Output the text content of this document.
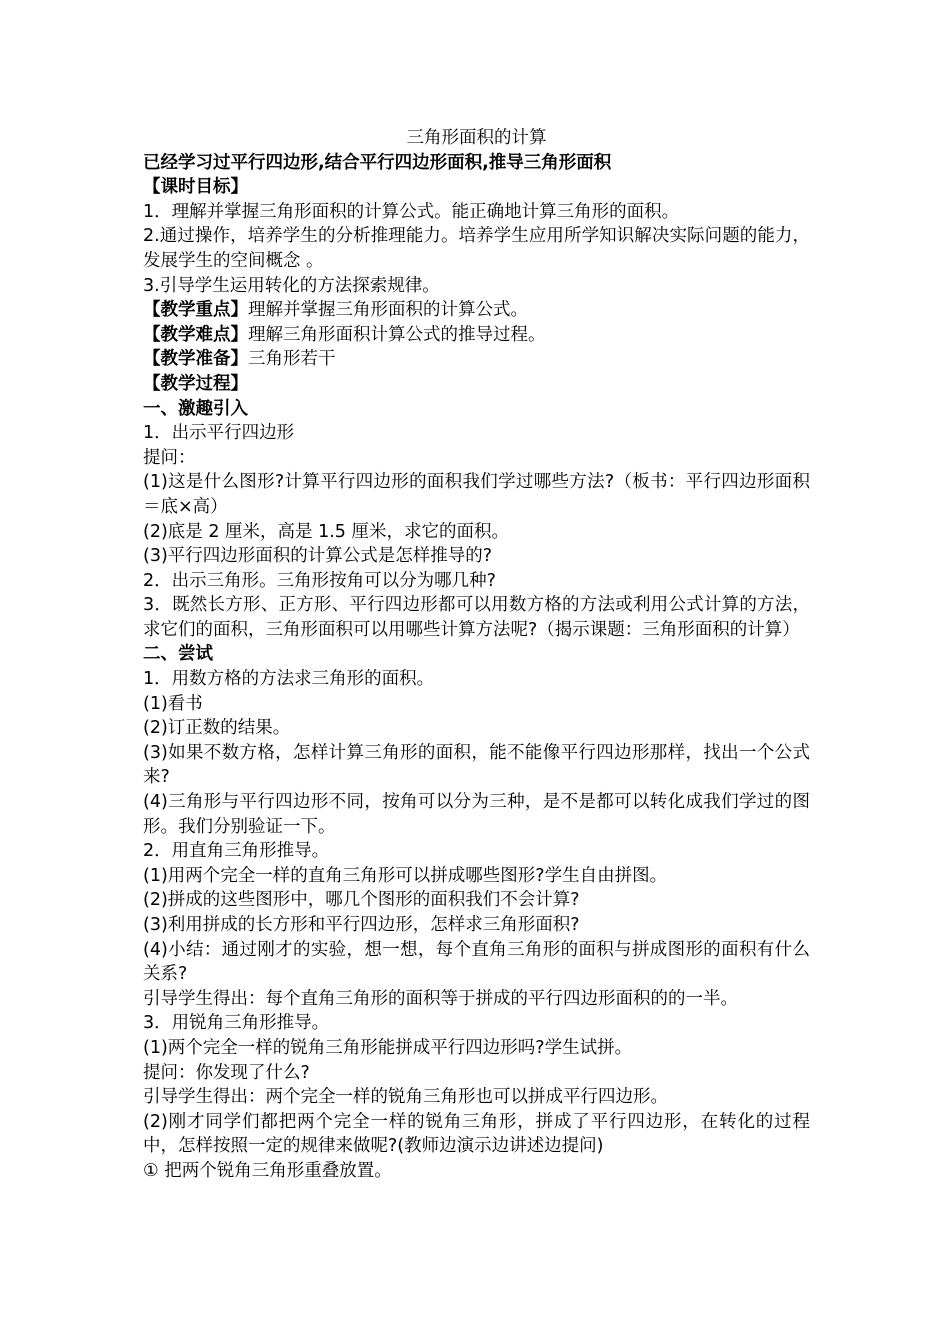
三角形面积的计算
已经学习过平行四边形,结合平行四边形面积,推导三角形面积
【课时目标】
1．理解并掌握三角形面积的计算公式。能正确地计算三角形的面积。
2.通过操作，培养学生的分析推理能力。培养学生应用所学知识解决实际问题的能力，发展学生的空间概念 。
3.引导学生运用转化的方法探索规律。
【教学重点】理解并掌握三角形面积的计算公式。
【教学难点】理解三角形面积计算公式的推导过程。
【教学准备】三角形若干
【教学过程】
一、激趣引入
1．出示平行四边形
提问：
(1)这是什么图形?计算平行四边形的面积我们学过哪些方法?（板书：平行四边形面积＝底×高）
(2)底是 2 厘米，高是 1.5 厘米，求它的面积。
(3)平行四边形面积的计算公式是怎样推导的?
2．出示三角形。三角形按角可以分为哪几种?
3．既然长方形、正方形、平行四边形都可以用数方格的方法或利用公式计算的方法，求它们的面积，三角形面积可以用哪些计算方法呢?（揭示课题：三角形面积的计算）
二、尝试
1．用数方格的方法求三角形的面积。
(1)看书
(2)订正数的结果。
(3)如果不数方格，怎样计算三角形的面积，能不能像平行四边形那样，找出一个公式来?
(4)三角形与平行四边形不同，按角可以分为三种，是不是都可以转化成我们学过的图形。我们分别验证一下。
2．用直角三角形推导。
(1)用两个完全一样的直角三角形可以拼成哪些图形?学生自由拼图。
(2)拼成的这些图形中，哪几个图形的面积我们不会计算?
(3)利用拼成的长方形和平行四边形，怎样求三角形面积?
(4)小结：通过刚才的实验，想一想，每个直角三角形的面积与拼成图形的面积有什么关系?
引导学生得出：每个直角三角形的面积等于拼成的平行四边形面积的的一半。
3．用锐角三角形推导。
(1)两个完全一样的锐角三角形能拼成平行四边形吗?学生试拼。
提问：你发现了什么?
引导学生得出：两个完全一样的锐角三角形也可以拼成平行四边形。
(2)刚才同学们都把两个完全一样的锐角三角形，拼成了平行四边形，在转化的过程中，怎样按照一定的规律来做呢?(教师边演示边讲述边提问)
① 把两个锐角三角形重叠放置。
